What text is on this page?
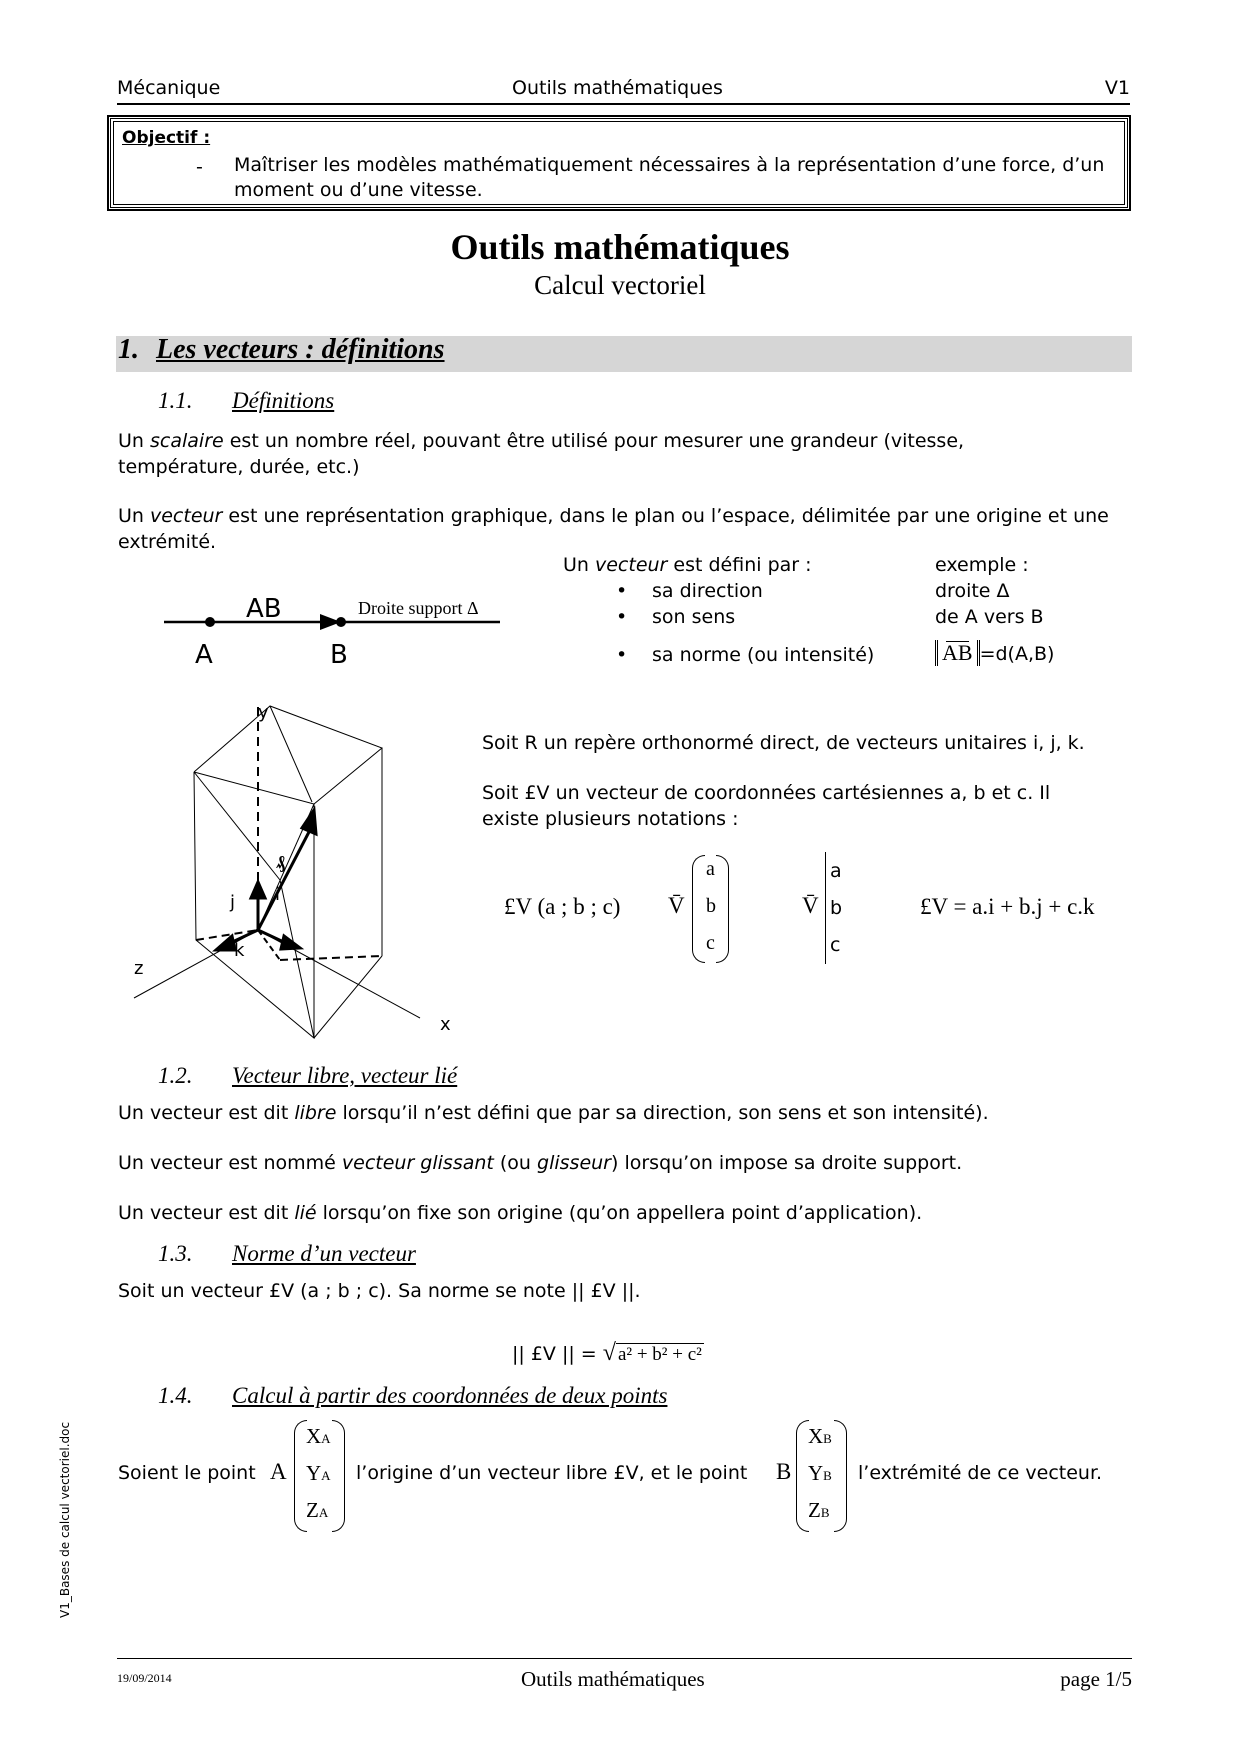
Mécanique	Outils mathématiques	V1
Objectif :
- Maîtriser les modèles mathématiquement nécessaires à la représentation d’une force, d’un moment ou d’une vitesse.
Outils mathématiques
Calcul vectoriel
1. Les vecteurs : définitions
1.1. Définitions

Un scalaire est un nombre réel, pouvant être utilisé pour mesurer une grandeur (vitesse, température, durée, etc.)

Un vecteur est une représentation graphique, dans le plan ou l’espace, délimitée par une origine et une extrémité.

AB	Droite support Δ
A	B
Un vecteur est défini par :	exemple :
• sa direction	droite Δ
• son sens	de A vers B
• sa norme (ou intensité)	AB =d(A,B)
y
z
x
j i
k
₰

Soit R un repère orthonormé direct, de vecteurs unitaires i, j, k.

Soit £V un vecteur de coordonnées cartésiennes a, b et c. Il existe plusieurs notations :

£V (a ; b ; c) V̄
a
b
c
V̄
a
b
c
£V = a.i + b.j + c.k
1.2. Vecteur libre, vecteur lié

Un vecteur est dit libre lorsqu’il n’est défini que par sa direction, son sens et son intensité).

Un vecteur est nommé vecteur glissant (ou glisseur) lorsqu’on impose sa droite support.

Un vecteur est dit lié lorsqu’on fixe son origine (qu’on appellera point d’application).

1.3. Norme d’un vecteur

Soit un vecteur £V (a ; b ; c). Sa norme se note || £V ||.

|| £V || = √ a² + b² + c²
1.4. Calcul à partir des coordonnées de deux points
Soient le point A
XA
YA
ZA
l’origine d’un vecteur libre £V, et le point B
XB
YB
ZB
l’extrémité de ce vecteur.
V1_Bases de calcul vectoriel.doc
19/09/2014	Outils mathématiques	page 1/5
